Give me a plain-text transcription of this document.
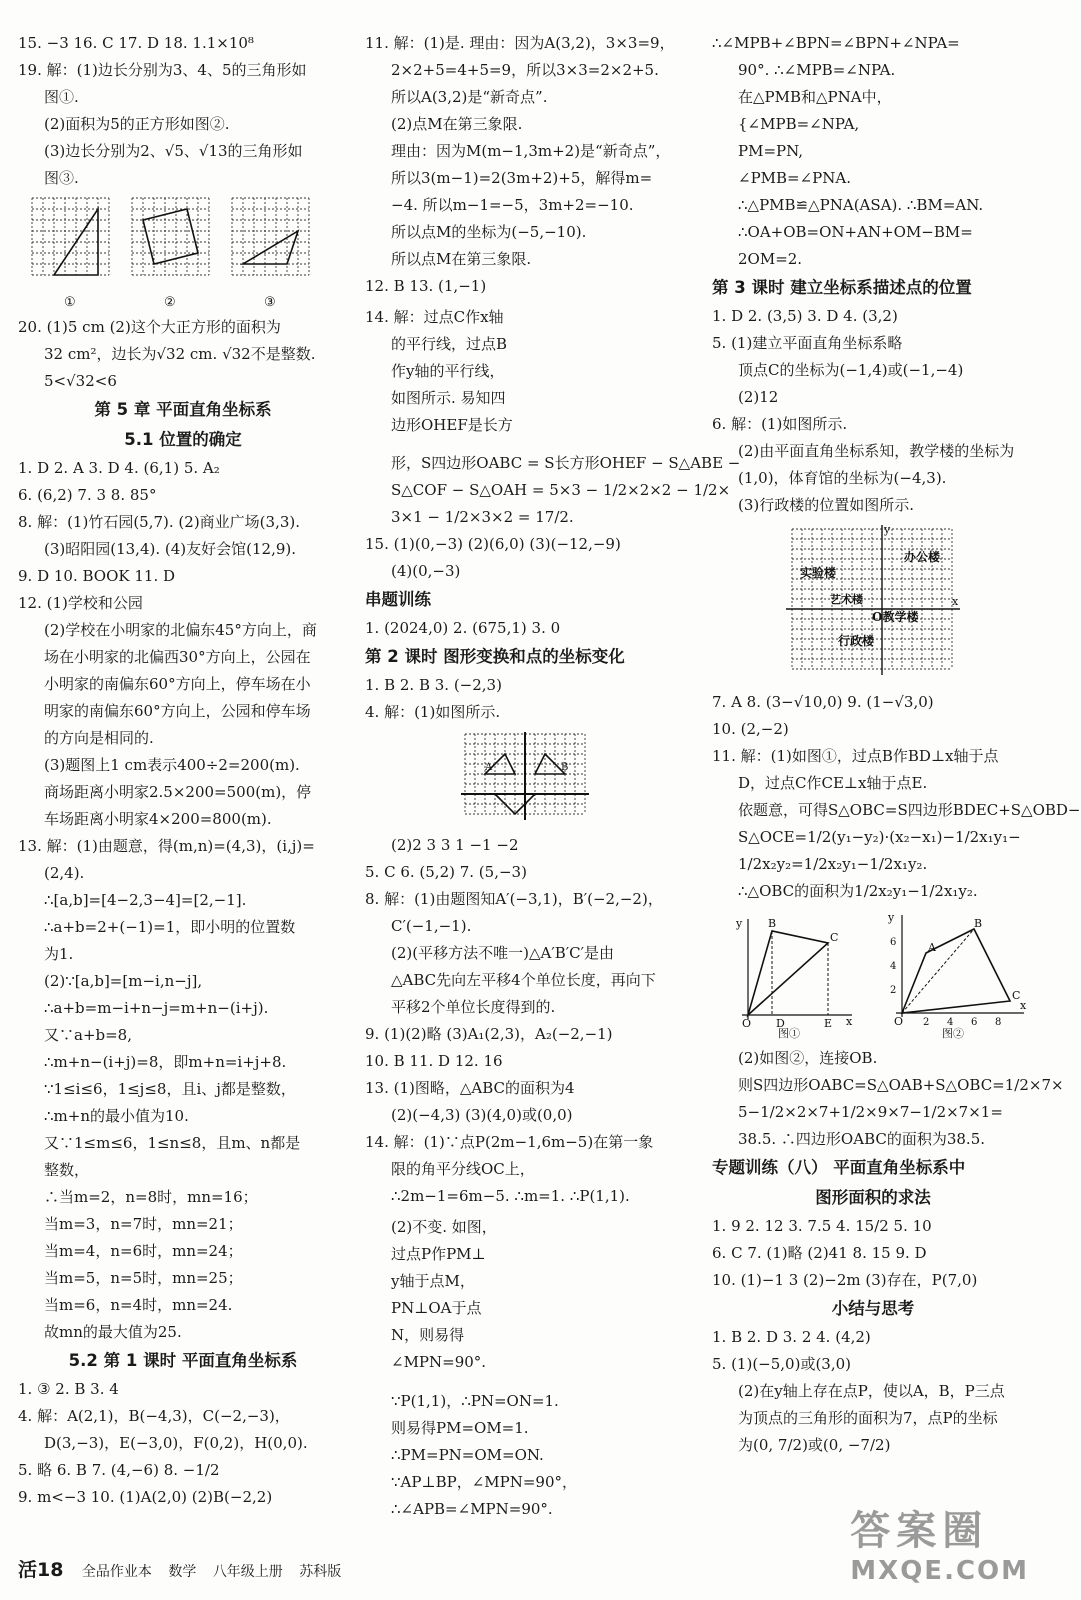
15. −3 16. C 17. D 18. 1.1×10⁸
19. 解：(1)边长分别为3、4、5的三角形如
图①.
(2)面积为5的正方形如图②.
(3)边长分别为2、√5、√13的三角形如
图③.
①	②	③
20. (1)5 cm (2)这个大正方形的面积为
32 cm²，边长为√32 cm. √32不是整数.
5<√32<6
第 5 章 平面直角坐标系
5.1 位置的确定
1. D 2. A 3. D 4. (6,1) 5. A₂
6. (6,2) 7. 3 8. 85°
8. 解：(1)竹石园(5,7). (2)商业广场(3,3).
(3)昭阳园(13,4). (4)友好会馆(12,9).
9. D 10. BOOK 11. D
12. (1)学校和公园
(2)学校在小明家的北偏东45°方向上，商
场在小明家的北偏西30°方向上，公园在
小明家的南偏东60°方向上，停车场在小
明家的南偏东60°方向上，公园和停车场
的方向是相同的.
(3)题图上1 cm表示400÷2=200(m).
商场距离小明家2.5×200=500(m)，停
车场距离小明家4×200=800(m).
13. 解：(1)由题意，得(m,n)=(4,3)，(i,j)=
(2,4).
∴[a,b]=[4−2,3−4]=[2,−1].
∴a+b=2+(−1)=1，即小明的位置数
为1.
(2)∵[a,b]=[m−i,n−j],
∴a+b=m−i+n−j=m+n−(i+j).
又∵a+b=8,
∴m+n−(i+j)=8，即m+n=i+j+8.
∵1≤i≤6，1≤j≤8，且i、j都是整数，
∴m+n的最小值为10.
又∵1≤m≤6，1≤n≤8，且m、n都是
整数，
∴当m=2，n=8时，mn=16；
当m=3，n=7时，mn=21；
当m=4，n=6时，mn=24；
当m=5，n=5时，mn=25；
当m=6，n=4时，mn=24.
故mn的最大值为25.
5.2 第 1 课时 平面直角坐标系
1. ③ 2. B 3. 4
4. 解：A(2,1)，B(−4,3)，C(−2,−3)，
D(3,−3)，E(−3,0)，F(0,2)，H(0,0).
5. 略 6. B 7. (4,−6) 8. −1/2
9. m<−3 10. (1)A(2,0) (2)B(−2,2)
11. 解：(1)是. 理由：因为A(3,2)，3×3=9，
2×2+5=4+5=9，所以3×3=2×2+5.
所以A(3,2)是“新奇点”.
(2)点M在第三象限.
理由：因为M(m−1,3m+2)是“新奇点”，
所以3(m−1)=2(3m+2)+5，解得m=
−4. 所以m−1=−5，3m+2=−10.
所以点M的坐标为(−5,−10).
所以点M在第三象限.
12. B 13. (1,−1)
14. 解：过点C作x轴
的平行线，过点B
作y轴的平行线，
如图所示. 易知四
边形OHEF是长方
形，S四边形OABC = S长方形OHEF − S△ABE −
S△COF − S△OAH = 5×3 − 1/2×2×2 − 1/2×
3×1 − 1/2×3×2 = 17/2.
15. (1)(0,−3) (2)(6,0) (3)(−12,−9)
(4)(0,−3)
串题训练
1. (2024,0) 2. (675,1) 3. 0
第 2 课时 图形变换和点的坐标变化
1. B 2. B 3. (−2,3)
4. 解：(1)如图所示.
A	B
(2)2 3 3 1 −1 −2
5. C 6. (5,2) 7. (5,−3)
8. 解：(1)由题图知A′(−3,1)，B′(−2,−2)，
C′(−1,−1).
(2)(平移方法不唯一)△A′B′C′是由
△ABC先向左平移4个单位长度，再向下
平移2个单位长度得到的.
9. (1)(2)略 (3)A₁(2,3)，A₂(−2,−1)
10. B 11. D 12. 16
13. (1)图略，△ABC的面积为4
(2)(−4,3) (3)(4,0)或(0,0)
14. 解：(1)∵点P(2m−1,6m−5)在第一象
限的角平分线OC上，
∴2m−1=6m−5. ∴m=1. ∴P(1,1).
(2)不变. 如图，
过点P作PM⊥
y轴于点M，
PN⊥OA于点
N，则易得
∠MPN=90°.
∵P(1,1)，∴PN=ON=1.
则易得PM=OM=1.
∴PM=PN=OM=ON.
∵AP⊥BP，∠MPN=90°，
∴∠APB=∠MPN=90°.
∴∠MPB+∠BPN=∠BPN+∠NPA=
90°. ∴∠MPB=∠NPA.
在△PMB和△PNA中，
{∠MPB=∠NPA,
PM=PN,
∠PMB=∠PNA.
∴△PMB≌△PNA(ASA). ∴BM=AN.
∴OA+OB=ON+AN+OM−BM=
2OM=2.
第 3 课时 建立坐标系描述点的位置
1. D 2. (3,5) 3. D 4. (3,2)
5. (1)建立平面直角坐标系略
顶点C的坐标为(−1,4)或(−1,−4)
(2)12
6. 解：(1)如图所示.
(2)由平面直角坐标系知，教学楼的坐标为
(1,0)，体育馆的坐标为(−4,3).
(3)行政楼的位置如图所示.
y
办公楼
实验楼
艺术楼
O教学楼
行政楼
x
7. A 8. (3−√10,0) 9. (1−√3,0)
10. (2,−2)
11. 解：(1)如图①，过点B作BD⊥x轴于点
D，过点C作CE⊥x轴于点E.
依题意，可得S△OBC=S四边形BDEC+S△OBD−
S△OCE=1/2(y₁−y₂)·(x₂−x₁)−1/2x₁y₁−
1/2x₂y₂=1/2x₂y₁−1/2x₁y₂.
∴△OBC的面积为1/2x₂y₁−1/2x₁y₂.
y B
C
O D	E x
图①
y
6
4
2
A
B
C
O 2 4 6 8
x
图②
(2)如图②，连接OB.
则S四边形OABC=S△OAB+S△OBC=1/2×7×
5−1/2×2×7+1/2×9×7−1/2×7×1=
38.5. ∴四边形OABC的面积为38.5.
专题训练（八） 平面直角坐标系中
图形面积的求法
1. 9 2. 12 3. 7.5 4. 15/2 5. 10
6. C 7. (1)略 (2)41 8. 15 9. D
10. (1)−1 3 (2)−2m (3)存在，P(7,0)
小结与思考
1. B 2. D 3. 2 4. (4,2)
5. (1)(−5,0)或(3,0)
(2)在y轴上存在点P，使以A，B，P三点
为顶点的三角形的面积为7，点P的坐标
为(0, 7/2)或(0, −7/2)
活18 全品作业本 数学 八年级上册 苏科版
答案圈
MXQE.COM
